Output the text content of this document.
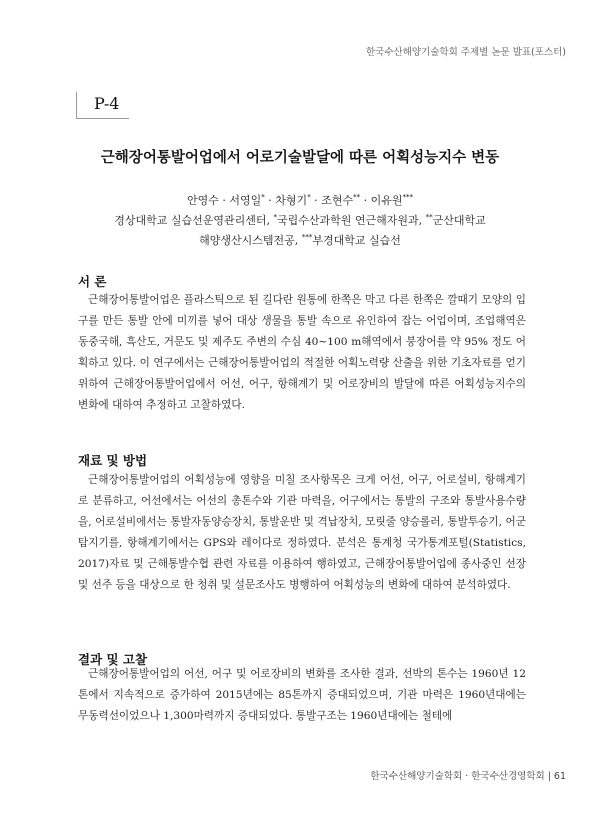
한국수산해양기술학회 주제별 논문 발표(포스터)
P-4
근해장어통발어업에서 어로기술발달에 따른 어획성능지수 변동
안영수 · 서영일* · 차형기* · 조현수** · 이유원***
경상대학교 실습선운영관리센터, *국립수산과학원 연근해자원과, **군산대학교
해양생산시스템전공, ***부경대학교 실습선
서 론

근해장어통발어업은 플라스틱으로 된 길다란 원통에 한쪽은 막고 다른 한쪽은 깔때기 모양의 입구를 만든 통발 안에 미끼를 넣어 대상 생물을 통발 속으로 유인하여 잡는 어업이며, 조업해역은 동중국해, 흑산도, 거문도 및 제주도 주변의 수심 40∼100 m해역에서 붕장어를 약 95% 정도 어획하고 있다. 이 연구에서는 근해장어통발어업의 적절한 어획노력량 산출을 위한 기초자료를 얻기 위하여 근해장어통발어업에서 어선, 어구, 항해계기 및 어로장비의 발달에 따른 어획성능지수의 변화에 대하여 추정하고 고찰하였다.

재료 및 방법

근해장어통발어업의 어획성능에 영향을 미칠 조사항목은 크게 어선, 어구, 어로설비, 항해계기로 분류하고, 어선에서는 어선의 총톤수와 기관 마력을, 어구에서는 통발의 구조와 통발사용수량을, 어로설비에서는 통발자동양승장치, 통발운반 및 격납장치, 모릿줄 양승롤러, 통발투승기, 어군탐지기를, 항해계기에서는 GPS와 레이다로 정하였다. 분석은 통계청 국가통계포털(Statistics, 2017)자료 및 근해통발수협 관련 자료를 이용하여 행하였고, 근해장어통발어업에 종사중인 선장 및 선주 등을 대상으로 한 청취 및 설문조사도 병행하여 어획성능의 변화에 대하여 분석하였다.

결과 및 고찰

근해장어통발어업의 어선, 어구 및 어로장비의 변화를 조사한 결과, 선박의 톤수는 1960년 12톤에서 지속적으로 증가하여 2015년에는 85톤까지 증대되었으며, 기관 마력은 1960년대에는 무동력선이었으나 1,300마력까지 증대되었다. 통발구조는 1960년대에는 철테에

한국수산해양기술학회 · 한국수산경영학회 | 61
